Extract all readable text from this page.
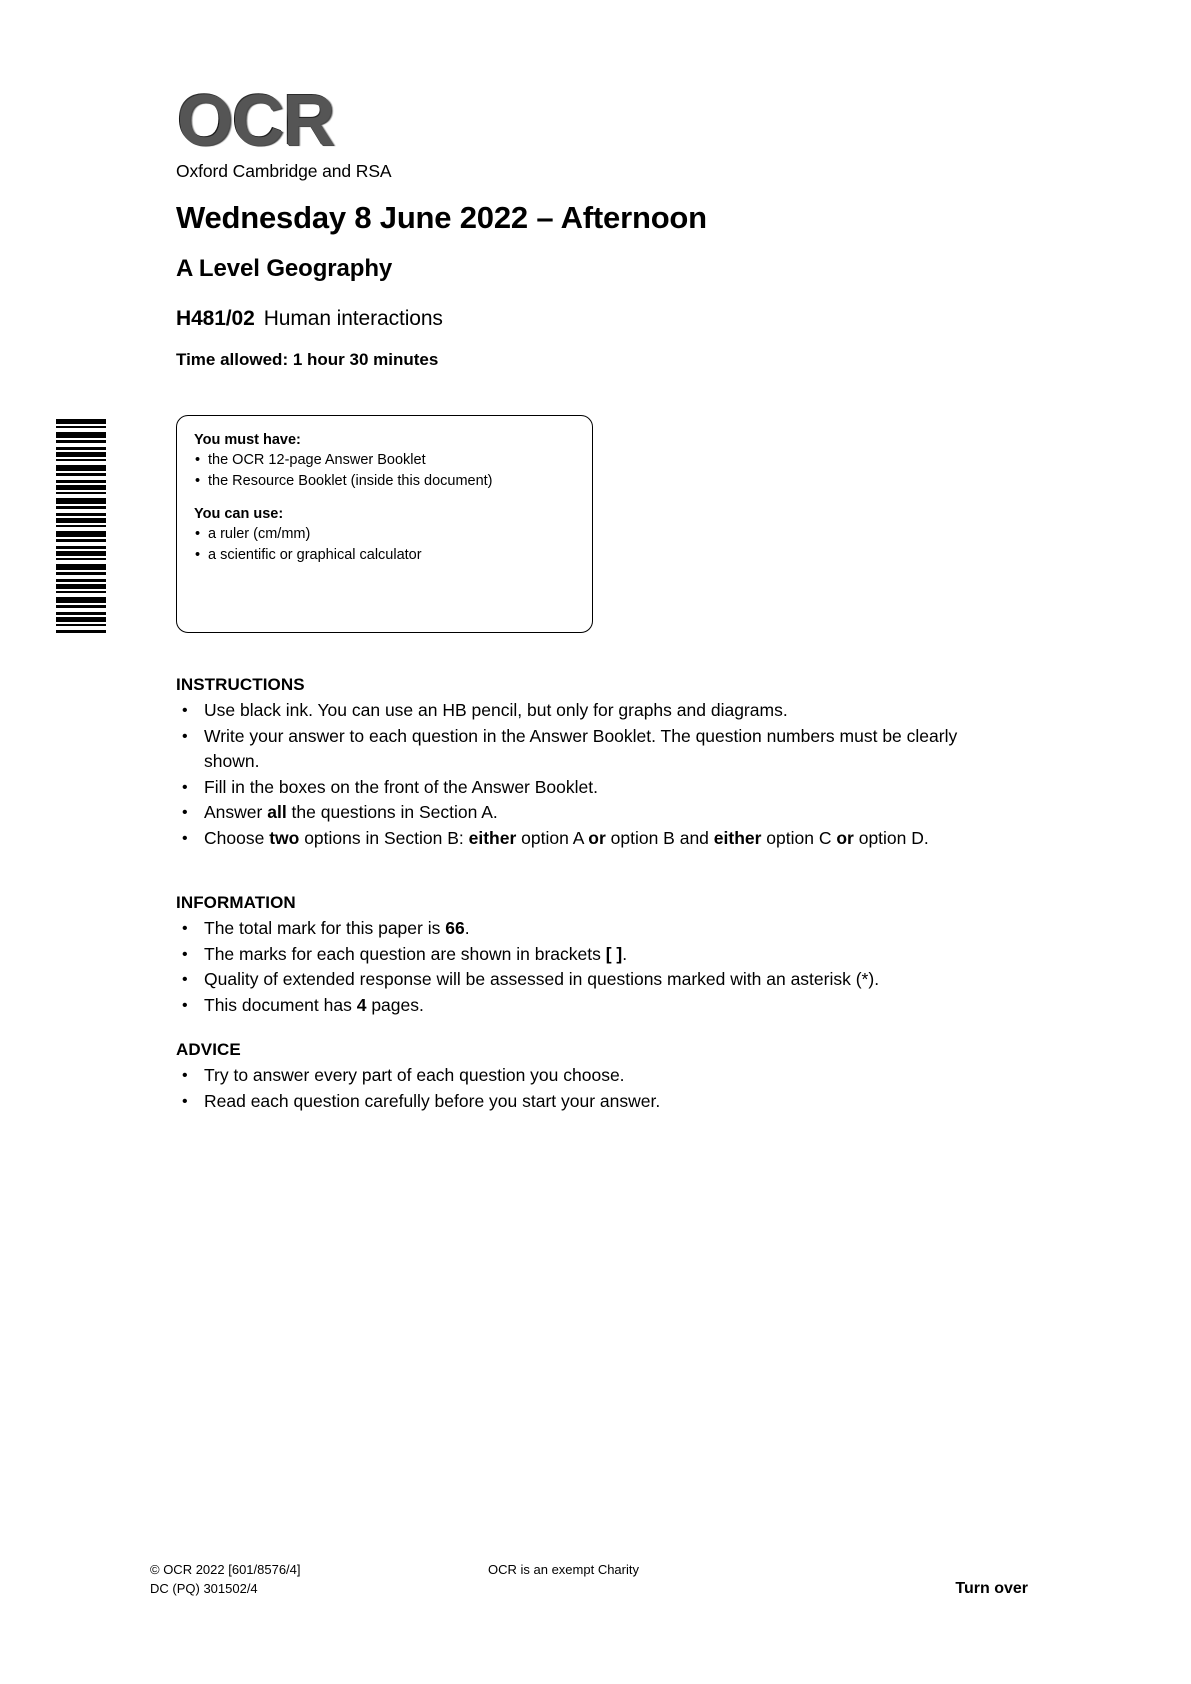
OCR
Oxford Cambridge and RSA
Wednesday 8 June 2022 – Afternoon
A Level Geography
H481/02 Human interactions
Time allowed: 1 hour 30 minutes
You must have:
• the OCR 12-page Answer Booklet
• the Resource Booklet (inside this document)
You can use:
• a ruler (cm/mm)
• a scientific or graphical calculator
INSTRUCTIONS
• Use black ink. You can use an HB pencil, but only for graphs and diagrams.
• Write your answer to each question in the Answer Booklet. The question numbers must be clearly shown.
• Fill in the boxes on the front of the Answer Booklet.
• Answer all the questions in Section A.
• Choose two options in Section B: either option A or option B and either option C or option D.
INFORMATION
• The total mark for this paper is 66.
• The marks for each question are shown in brackets [ ].
• Quality of extended response will be assessed in questions marked with an asterisk (*).
• This document has 4 pages.
ADVICE
• Try to answer every part of each question you choose.
• Read each question carefully before you start your answer.
© OCR 2022 [601/8576/4]
DC (PQ) 301502/4
OCR is an exempt Charity
Turn over
